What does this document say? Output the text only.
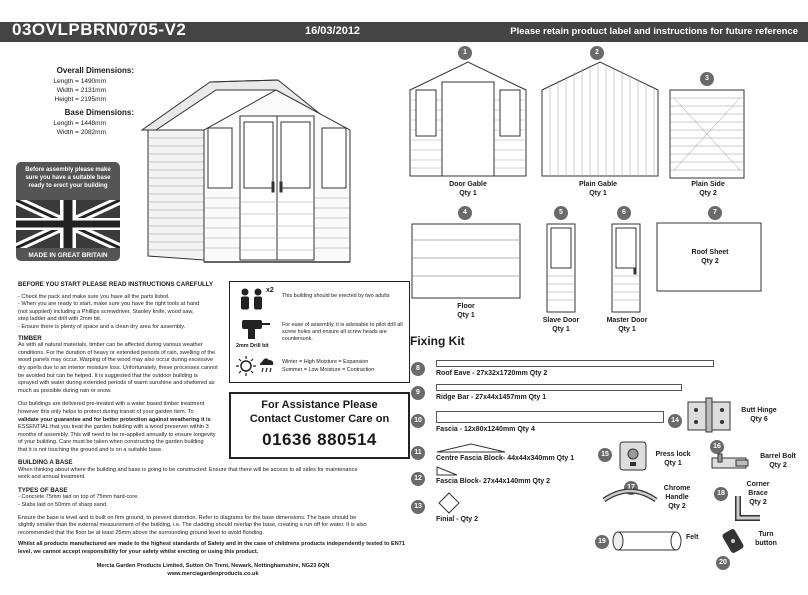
03OVLPBRN0705-V2	16/03/2012	Please retain product label and instructions for future reference
Overall Dimensions:
Length = 1490mm
Width = 2131mm
Height = 2195mm
Base Dimensions:
Length = 1448mm
Width = 2082mm
Before assembly please make sure you have a suitable base ready to erect your building
MADE IN GREAT BRITAIN
BEFORE YOU START PLEASE READ INSTRUCTIONS CAREFULLY
- Check the pack and make sure you have all the parts listed.
- When you are ready to start, make sure you have the right tools at hand
(not supplied) including a Phillips screwdriver, Stanley knife, wood saw,
step ladder and drill with 2mm bit.
- Ensure there is plenty of space and a clean dry area for assembly.
TIMBER
As with all natural materials, timber can be affected during various weather
conditions. For the duration of heavy or extended periods of rain, swelling of the
wood panels may occur. Warping of the wood may also occur during excessive
dry spells due to an interior moisture loss. Unfortunately, these processes cannot
be avoided but can be helped. It is suggested that the outdoor building is
sprayed with water during extended periods of warm sunshine and sheltered as
much as possible during rain or snow.
Our buildings are delivered pre-treated with a water based timber treatment
however this only helps to protect during transit of your garden item. To
validate your guarantee and for better protection against weathering it is
ESSENTIAL that you treat the garden building with a wood preserver within 3
months of assembly. This will need to be re-applied annually to ensure longevity
of your building. Care must be taken when constructing the garden building
that it is not touching the ground and is on a suitable base.
BUILDING A BASE
When thinking about where the building and base is going to be constructed: Ensure that there will be access to all sides for maintenance
work and annual treatment.
TYPES OF BASE
- Concrete 75mm laid on top of 75mm hard-core.
- Slabs laid on 50mm of sharp sand.
Ensure the base is level and is built on firm ground, to prevent distortion. Refer to diagrams for the base dimensions. The base should be
slightly smaller than the external measurement of the building, i.e. The cladding should overlap the base, creating a run off for water. It is also
recommended that the floor be at least 25mm above the surrounding ground level to avoid flooding.
Whilst all products manufactured are made to the highest standards of Safety and in the case of childrens products independently tested to EN71
level, we cannot accept responsibility for your safety whilst erecting or using this product.
Mercia Garden Products Limited, Sutton On Trent, Newark, Nottinghamshire, NG23 6QN
www.merciagardenproducts.co.uk
x2
This building should be erected by two adults
For ease of assembly, it is advisable to pilot drill all screw holes and ensure all screw heads are countersunk.
2mm Drill bit
Winter = High Moisture = Expansion
Summer = Low Moisture = Contraction
For Assistance Please
Contact Customer Care on
01636 880514
1	2
3
4	5	6	7
Door Gable
Qty 1
Plain Gable
Qty 1
Plain Side
Qty 2
Floor
Qty 1
Slave Door
Qty 1
Master Door
Qty 1
Roof Sheet
Qty 2
Fixing Kit
8
Roof Eave - 27x32x1720mm Qty 2
9
Ridge Bar - 27x44x1457mm Qty 1
10
Fascia - 12x80x1240mm Qty 4
11
Centre Fascia Block- 44x44x340mm Qty 1
12	Fascia Block- 27x44x140mm Qty 2
13
Finial - Qty 2
14
Butt Hinge
Qty 6
15	Press lock
Qty 1
16
Barrel Bolt
Qty 2
17	Chrome Handle
Qty 2
18
Corner Brace
Qty 2
19
Felt
20
Turn button
